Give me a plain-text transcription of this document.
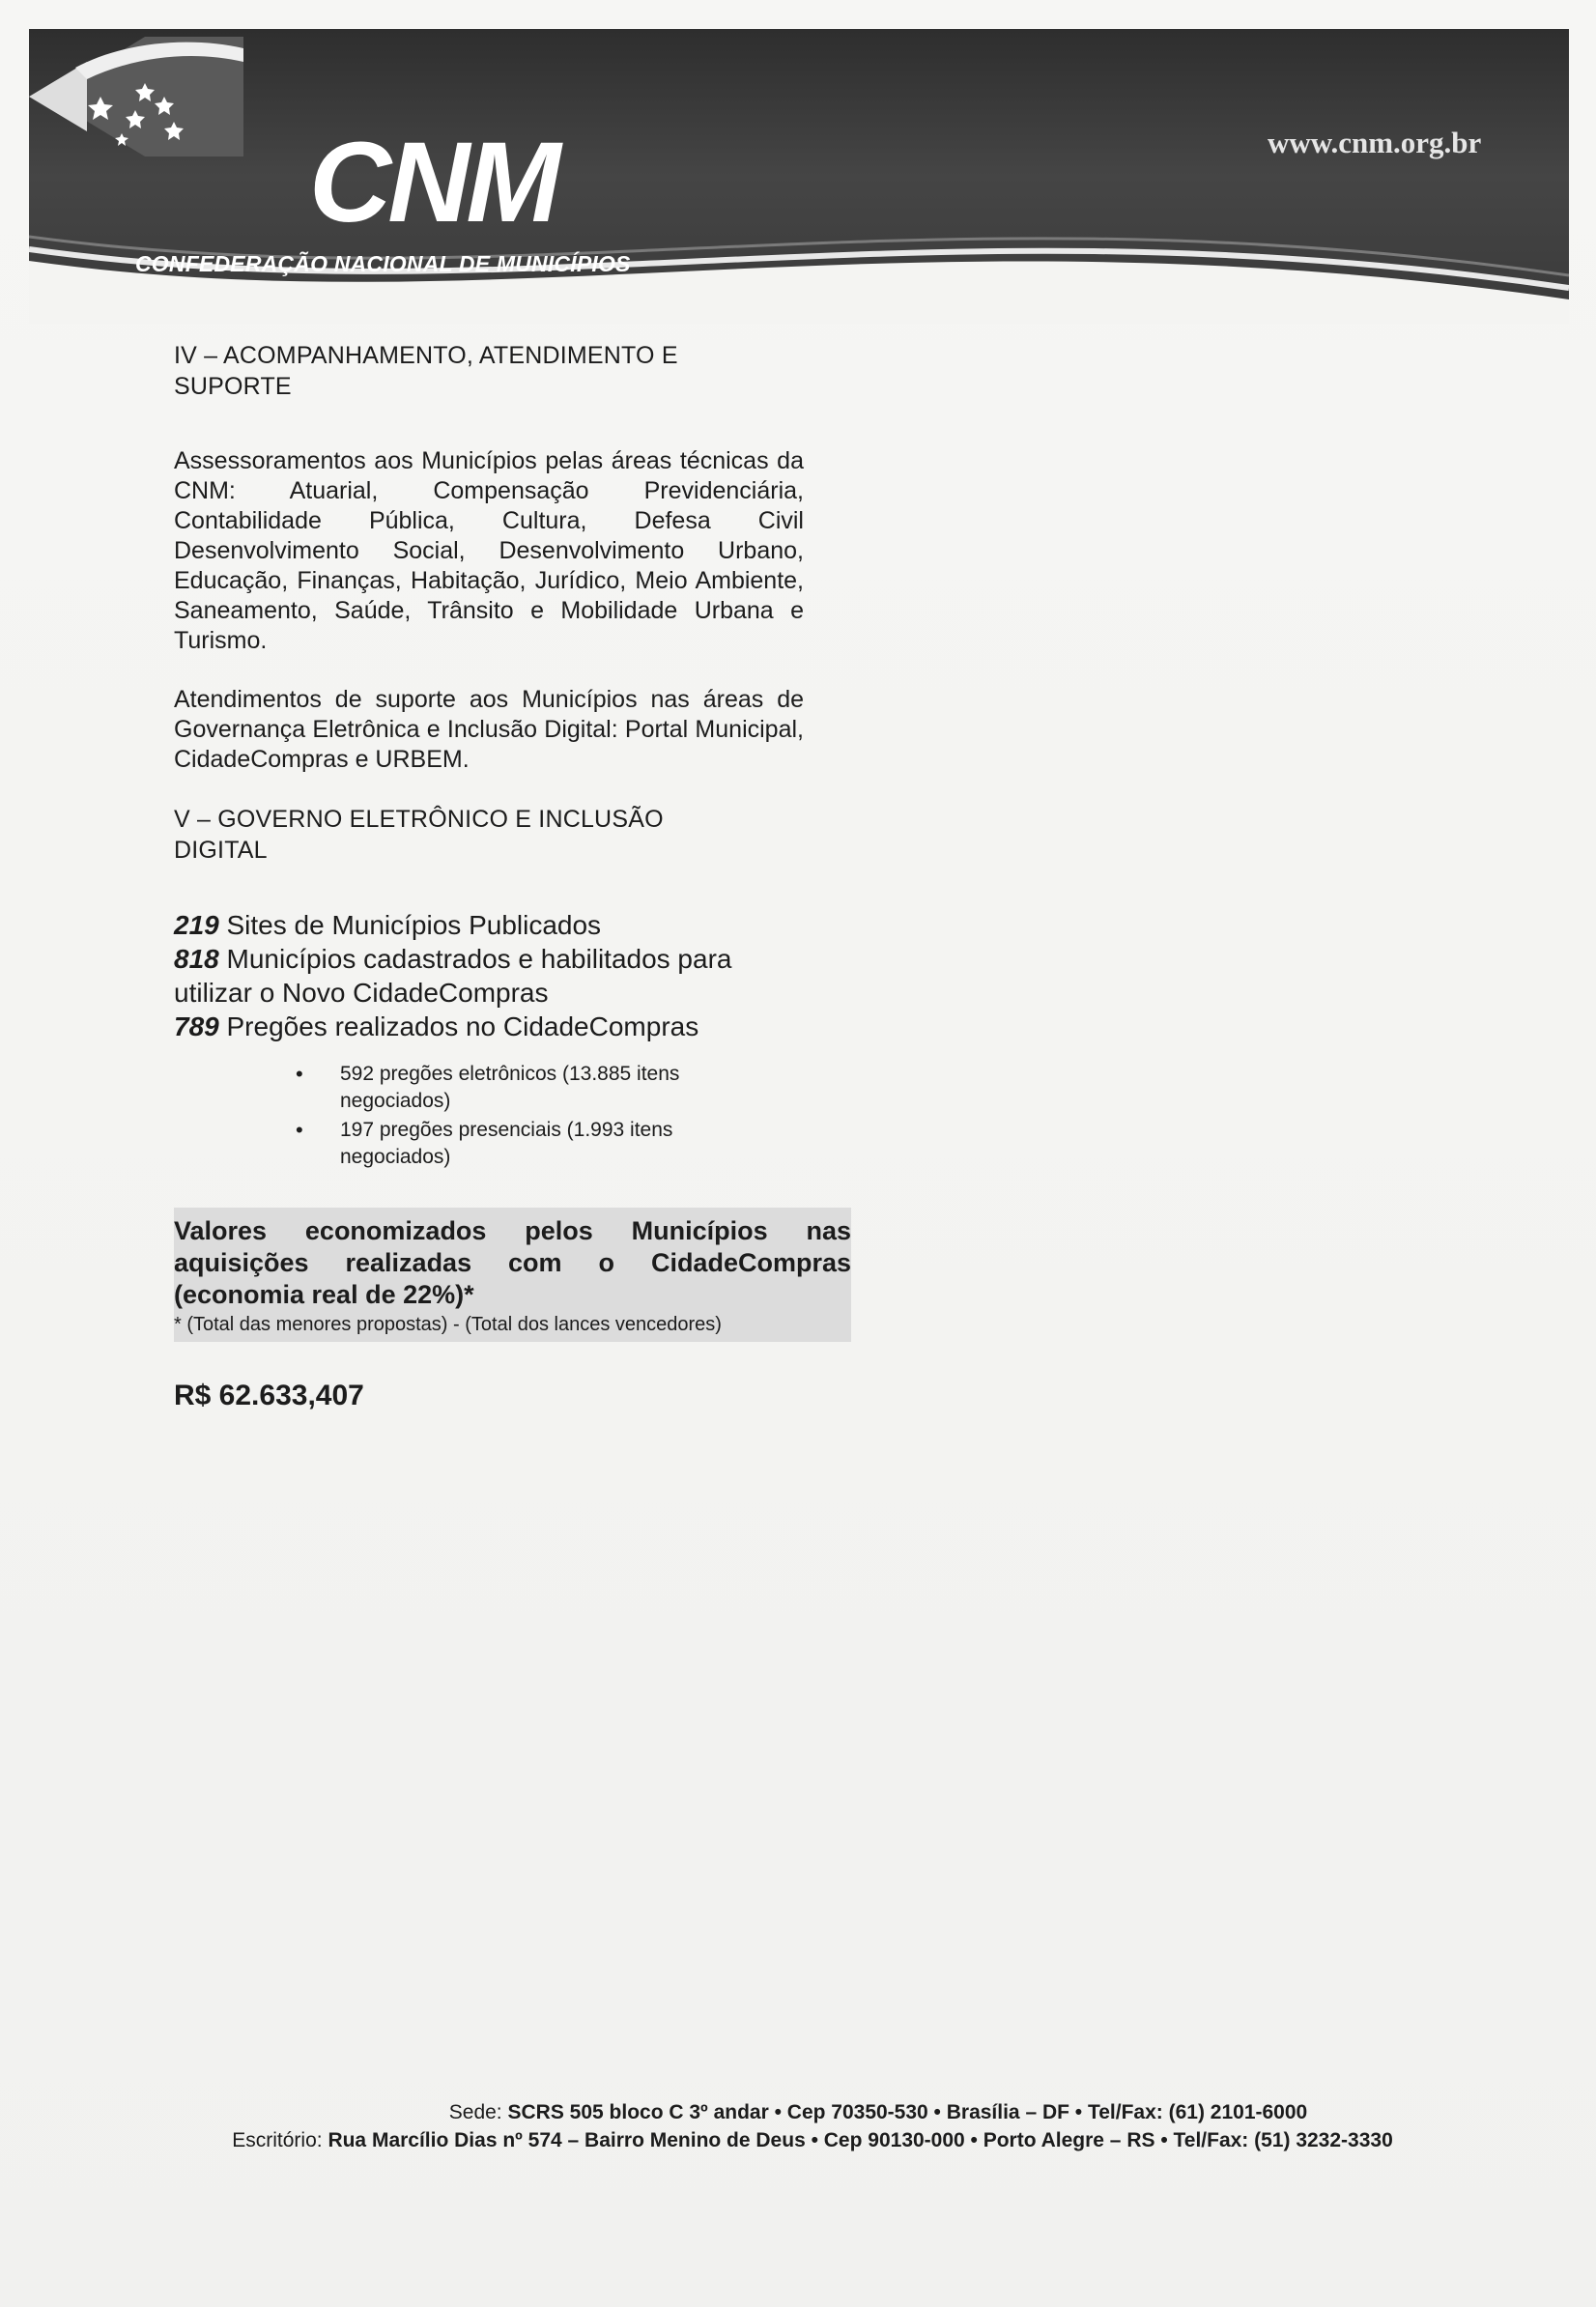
CNM
CONFEDERAÇÃO NACIONAL DE MUNICÍPIOS
www.cnm.org.br
IV – ACOMPANHAMENTO, ATENDIMENTO E SUPORTE

Assessoramentos aos Municípios pelas áreas técnicas da CNM: Atuarial, Compensação Previdenciária, Contabilidade Pública, Cultura, Defesa Civil Desenvolvimento Social, Desenvolvimento Urbano, Educação, Finanças, Habitação, Jurídico, Meio Ambiente, Saneamento, Saúde, Trânsito e Mobilidade Urbana e Turismo.

Atendimentos de suporte aos Municípios nas áreas de Governança Eletrônica e Inclusão Digital: Portal Municipal, CidadeCompras e URBEM.

V – GOVERNO ELETRÔNICO E INCLUSÃO DIGITAL
219 Sites de Municípios Publicados
818 Municípios cadastrados e habilitados para utilizar o Novo CidadeCompras
789 Pregões realizados no CidadeCompras
• 592 pregões eletrônicos (13.885 itens negociados)
• 197 pregões presenciais (1.993 itens negociados)
Valores economizados pelos Municípios nas aquisições realizadas com o CidadeCompras (economia real de 22%)*
* (Total das menores propostas) - (Total dos lances vencedores)
R$ 62.633,407
Sede: SCRS 505 bloco C 3º andar • Cep 70350-530 • Brasília – DF • Tel/Fax: (61) 2101-6000
Escritório: Rua Marcílio Dias nº 574 – Bairro Menino de Deus • Cep 90130-000 • Porto Alegre – RS • Tel/Fax: (51) 3232-3330
